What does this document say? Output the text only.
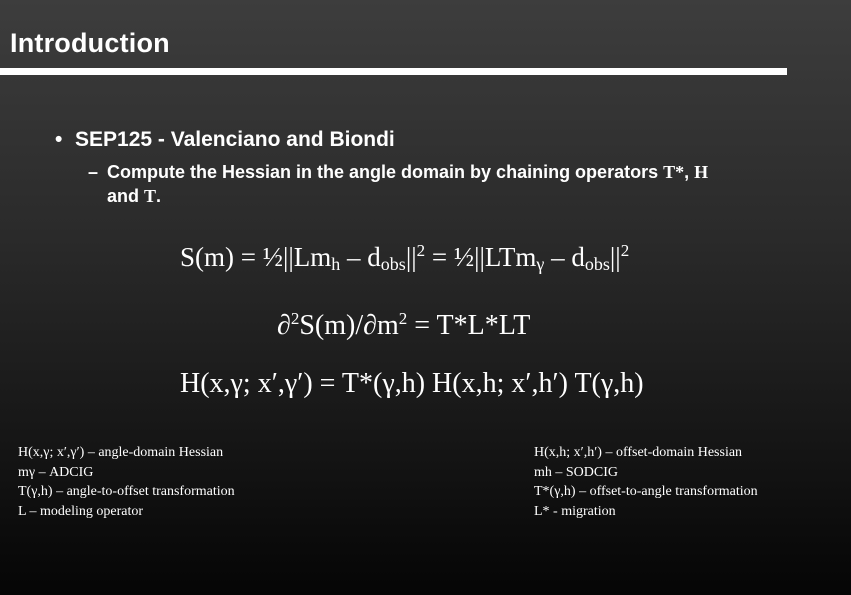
Introduction
• SEP125 - Valenciano and Biondi
– Compute the Hessian in the angle domain by chaining operators T*, H
and T.
$S(m) = \frac{1}{2}||Lm_h - d_{obs}||^2$ = ½||LTm$_\gamma$ – $d_{obs}||^2$
$\partial^2S(m)/\partial m^2 = T*L*LT$
H(x,γ; x′,γ′) = T*(γ,h) H(x,h; x′,h′) T(γ,h)
H(x,γ; x′,γ′) – angle-domain Hessian
mγ – ADCIG
T(γ,h) – angle-to-offset transformation
L – modeling operator
H(x,h; x′,h′) – offset-domain Hessian
mh – SODCIG
T*(γ,h) – offset-to-angle transformation
L* - migration
